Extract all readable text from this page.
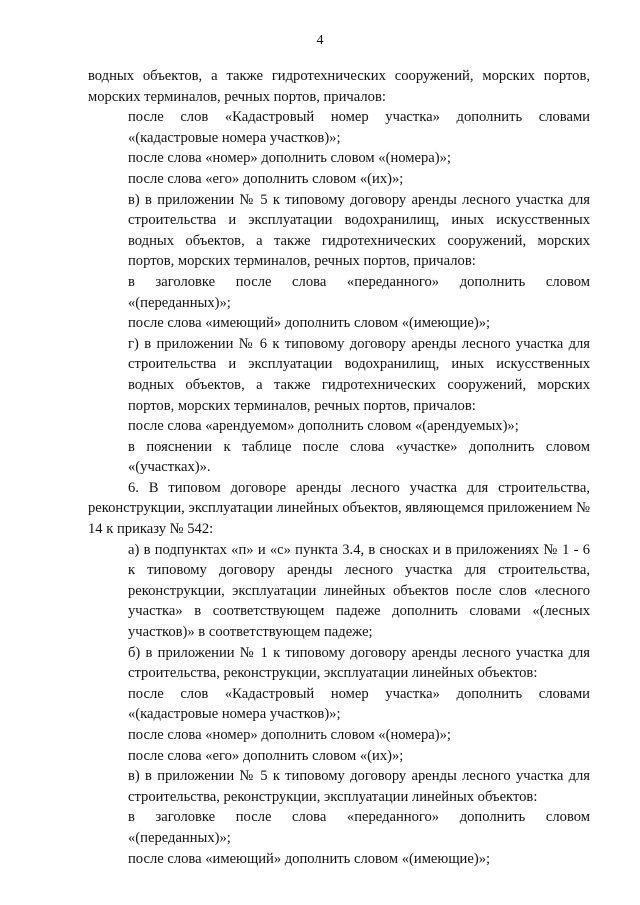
4

водных объектов, а также гидротехнических сооружений, морских портов, морских терминалов, речных портов, причалов:

после слов «Кадастровый номер участка» дополнить словами «(кадастровые номера участков)»;

после слова «номер» дополнить словом «(номера)»;

после слова «его» дополнить словом «(их)»;

в) в приложении № 5 к типовому договору аренды лесного участка для строительства и эксплуатации водохранилищ, иных искусственных водных объектов, а также гидротехнических сооружений, морских портов, морских терминалов, речных портов, причалов:

в заголовке после слова «переданного» дополнить словом «(переданных)»;

после слова «имеющий» дополнить словом «(имеющие)»;

г) в приложении № 6 к типовому договору аренды лесного участка для строительства и эксплуатации водохранилищ, иных искусственных водных объектов, а также гидротехнических сооружений, морских портов, морских терминалов, речных портов, причалов:

после слова «арендуемом» дополнить словом «(арендуемых)»;

в пояснении к таблице после слова «участке» дополнить словом «(участках)».

6. В типовом договоре аренды лесного участка для строительства, реконструкции, эксплуатации линейных объектов, являющемся приложением № 14 к приказу № 542:

а) в подпунктах «п» и «с» пункта 3.4, в сносках и в приложениях № 1 - 6 к типовому договору аренды лесного участка для строительства, реконструкции, эксплуатации линейных объектов после слов «лесного участка» в соответствующем падеже дополнить словами «(лесных участков)» в соответствующем падеже;

б) в приложении № 1 к типовому договору аренды лесного участка для строительства, реконструкции, эксплуатации линейных объектов:

после слов «Кадастровый номер участка» дополнить словами «(кадастровые номера участков)»;

после слова «номер» дополнить словом «(номера)»;

после слова «его» дополнить словом «(их)»;

в) в приложении № 5 к типовому договору аренды лесного участка для строительства, реконструкции, эксплуатации линейных объектов:

в заголовке после слова «переданного» дополнить словом «(переданных)»;

после слова «имеющий» дополнить словом «(имеющие)»;
